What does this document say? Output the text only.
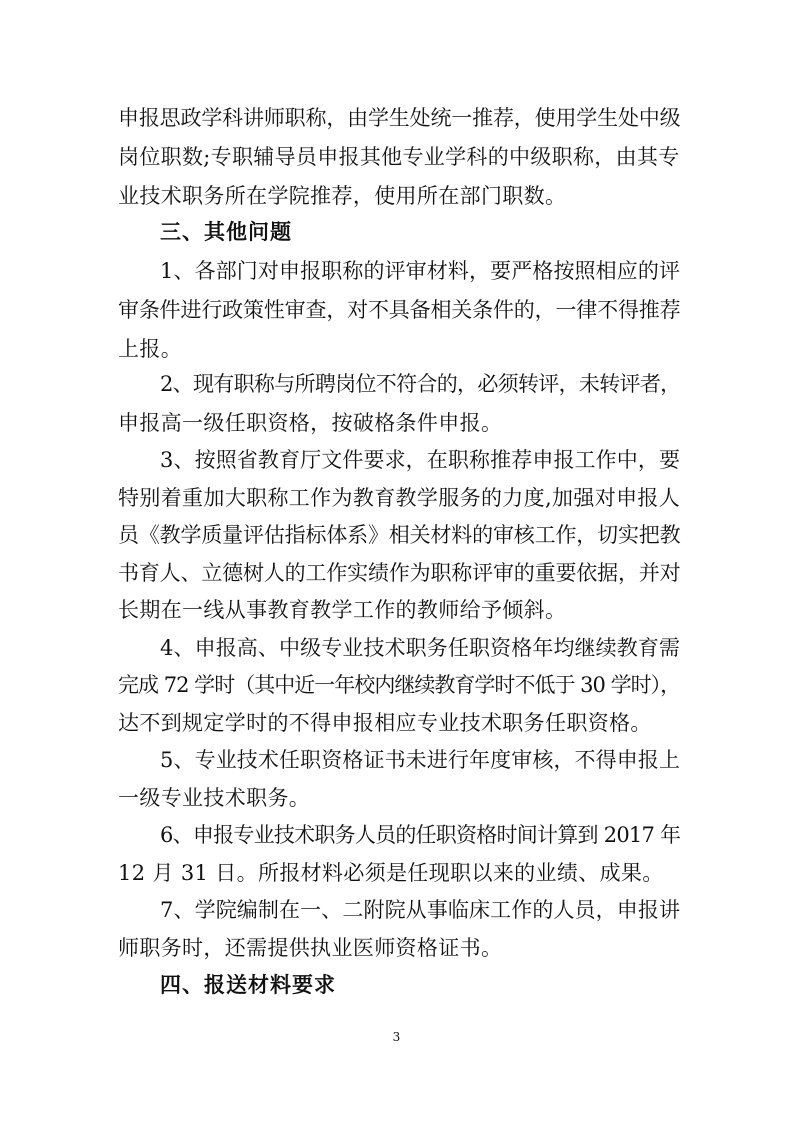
申报思政学科讲师职称，由学生处统一推荐，使用学生处中级
岗位职数;专职辅导员申报其他专业学科的中级职称，由其专
业技术职务所在学院推荐，使用所在部门职数。
三、其他问题
1、各部门对申报职称的评审材料，要严格按照相应的评
审条件进行政策性审查，对不具备相关条件的，一律不得推荐
上报。
2、现有职称与所聘岗位不符合的，必须转评，未转评者，
申报高一级任职资格，按破格条件申报。
3、按照省教育厅文件要求，在职称推荐申报工作中，要
特别着重加大职称工作为教育教学服务的力度,加强对申报人
员《教学质量评估指标体系》相关材料的审核工作，切实把教
书育人、立德树人的工作实绩作为职称评审的重要依据，并对
长期在一线从事教育教学工作的教师给予倾斜。
4、申报高、中级专业技术职务任职资格年均继续教育需
完成 72 学时（其中近一年校内继续教育学时不低于 30 学时），
达不到规定学时的不得申报相应专业技术职务任职资格。
5、专业技术任职资格证书未进行年度审核，不得申报上
一级专业技术职务。
6、申报专业技术职务人员的任职资格时间计算到 2017 年
12 月 31 日。所报材料必须是任现职以来的业绩、成果。
7、学院编制在一、二附院从事临床工作的人员，申报讲
师职务时，还需提供执业医师资格证书。
四、报送材料要求
3
